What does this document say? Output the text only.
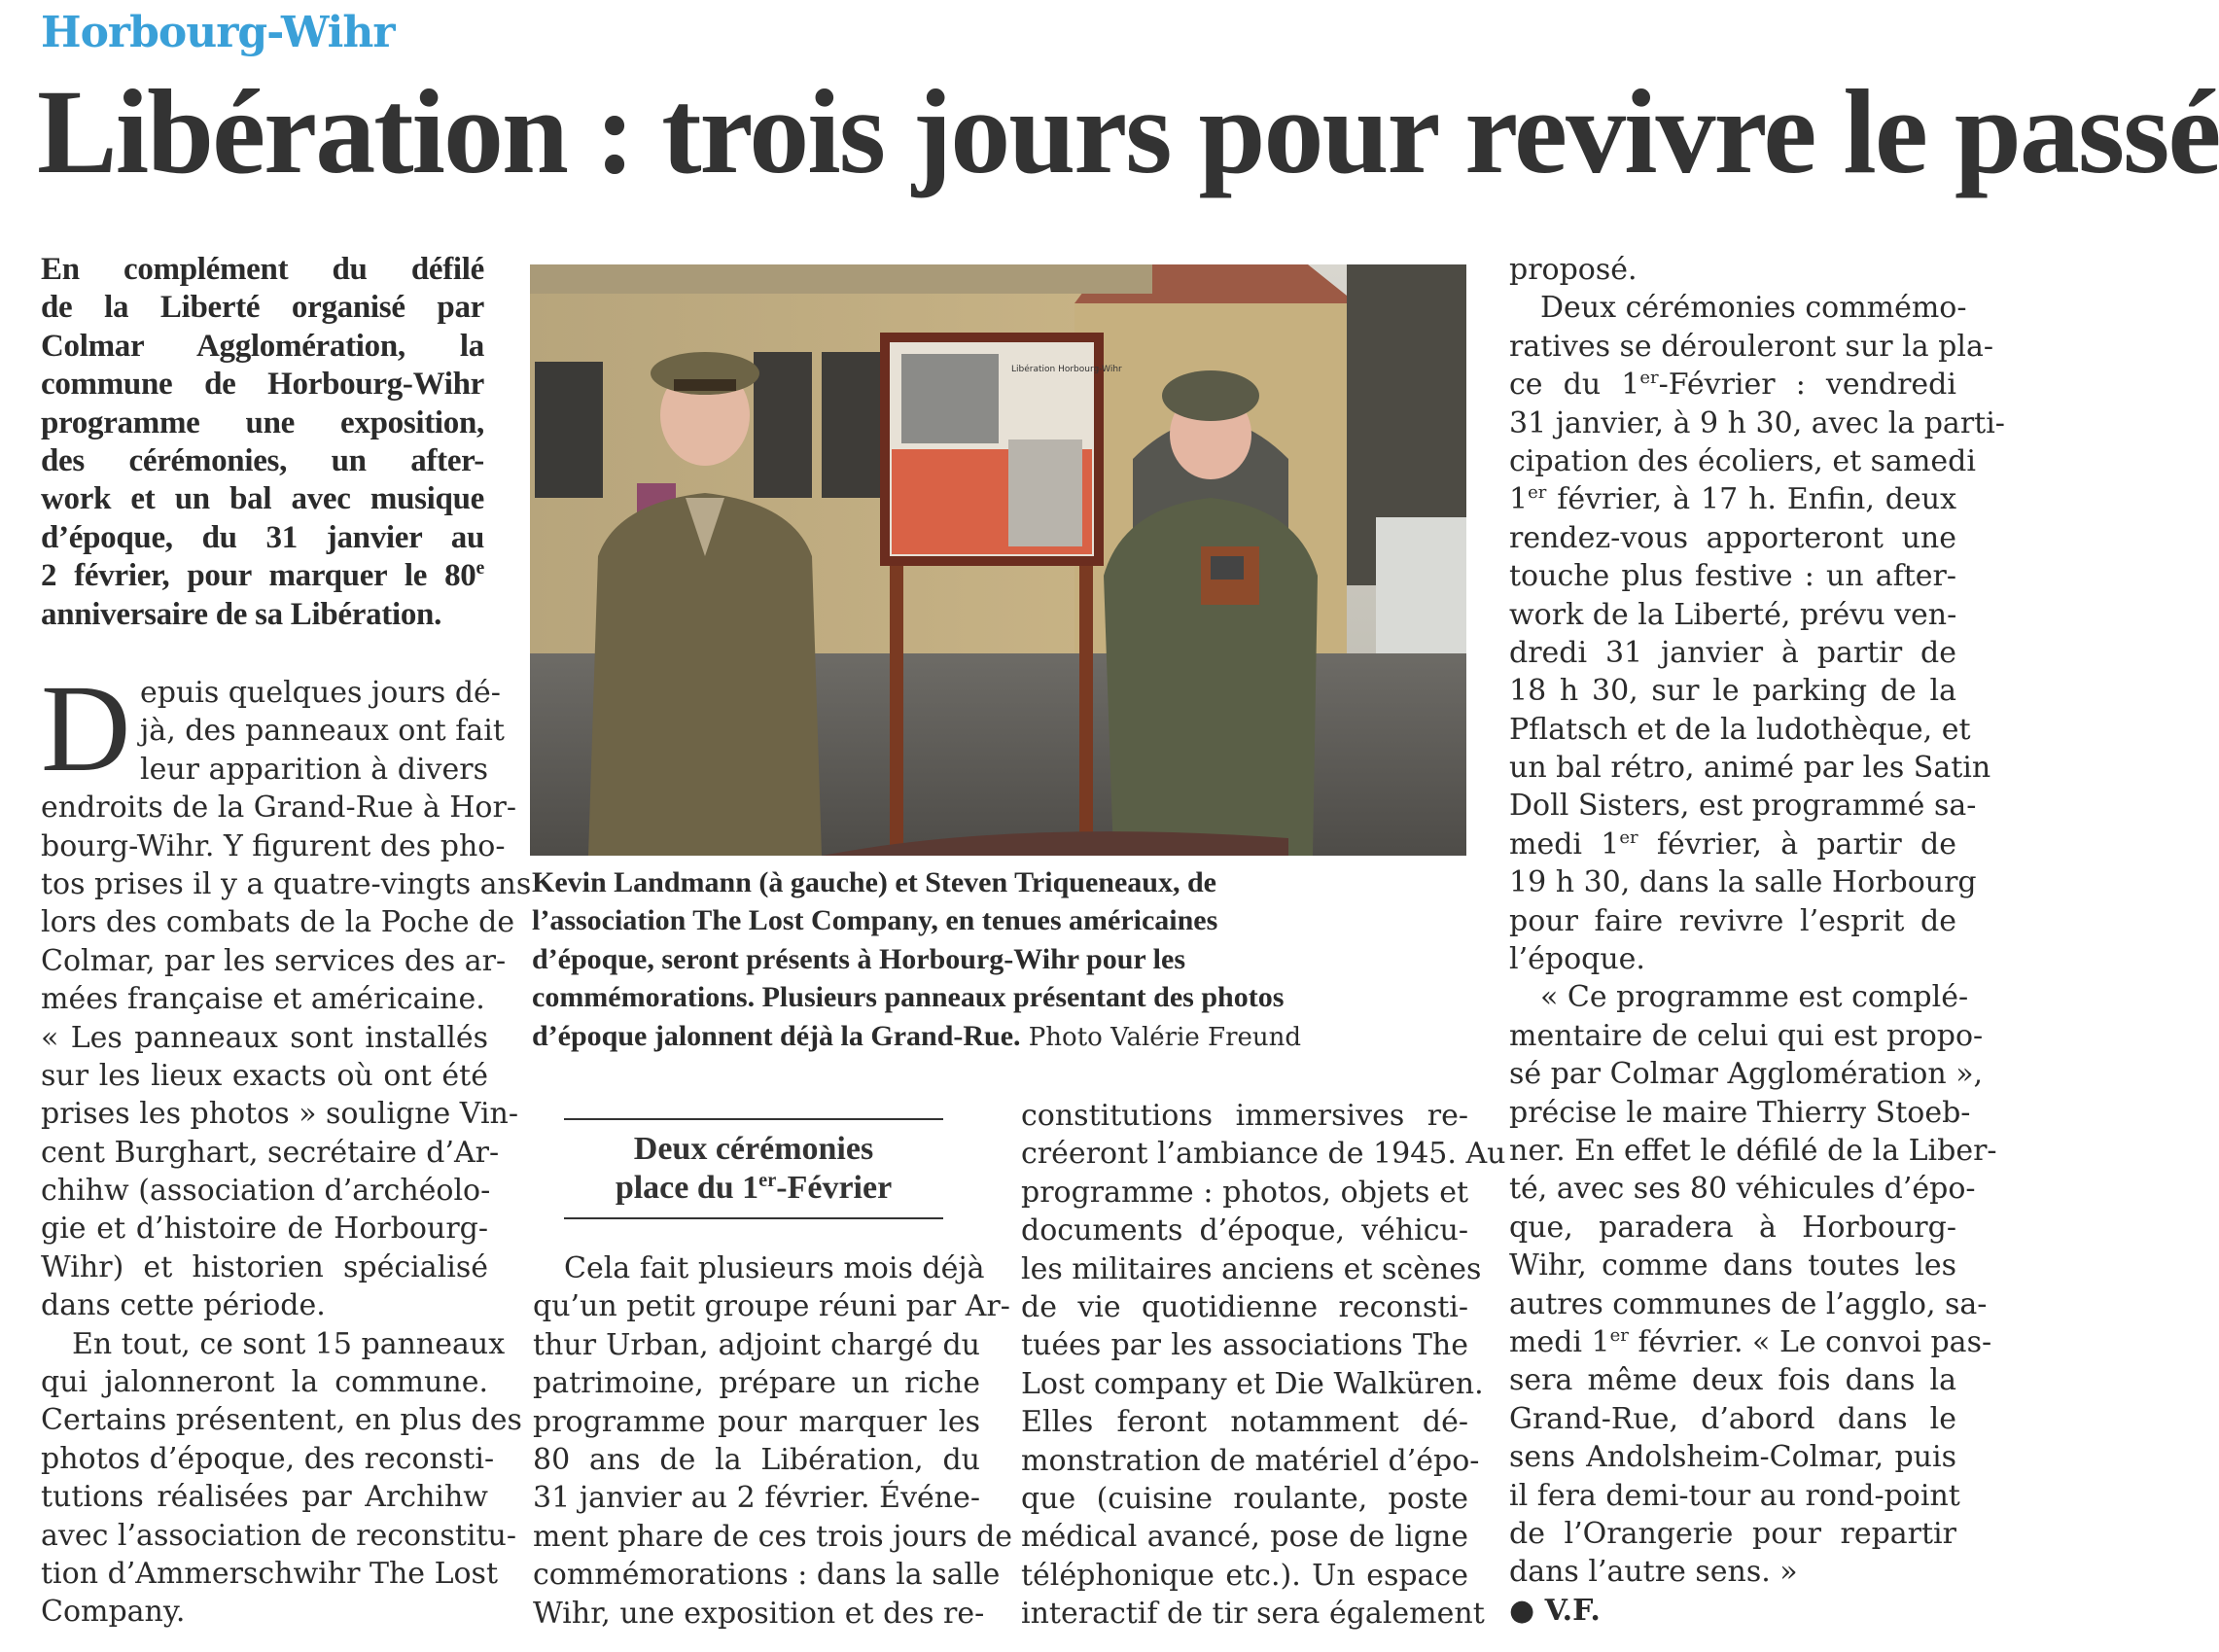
Horbourg-Wihr
Libération : trois jours pour revivre le passé
En complément du défilé
de la Liberté organisé par
Colmar Agglomération, la
commune de Horbourg-Wihr
programme une exposition,
des cérémonies, un after-
work et un bal avec musique
d’époque, du 31 janvier au
2 février, pour marquer le 80e
anniversaire de sa Libération.
D epuis quelques jours dé-
jà, des panneaux ont fait
leur apparition à divers
endroits de la Grand-Rue à Hor-
bourg-Wihr. Y figurent des pho-
tos prises il y a quatre-vingts ans
lors des combats de la Poche de
Colmar, par les services des ar-
mées française et américaine.
« Les panneaux sont installés
sur les lieux exacts où ont été
prises les photos » souligne Vin-
cent Burghart, secrétaire d’Ar-
chihw (association d’archéolo-
gie et d’histoire de Horbourg-
Wihr) et historien spécialisé
dans cette période.
En tout, ce sont 15 panneaux
qui jalonneront la commune.
Certains présentent, en plus des
photos d’époque, des reconsti-
tutions réalisées par Archihw
avec l’association de reconstitu-
tion d’Ammerschwihr The Lost
Company.
Libération Horbourg-Wihr
Kevin Landmann (à gauche) et Steven Triqueneaux, de
l’association The Lost Company, en tenues américaines
d’époque, seront présents à Horbourg-Wihr pour les
commémorations. Plusieurs panneaux présentant des photos
d’époque jalonnent déjà la Grand-Rue. Photo Valérie Freund
Deux cérémonies
place du 1er-Février
Cela fait plusieurs mois déjà
qu’un petit groupe réuni par Ar-
thur Urban, adjoint chargé du
patrimoine, prépare un riche
programme pour marquer les
80 ans de la Libération, du
31 janvier au 2 février. Événe-
ment phare de ces trois jours de
commémorations : dans la salle
Wihr, une exposition et des re-
constitutions immersives re-
créeront l’ambiance de 1945. Au
programme : photos, objets et
documents d’époque, véhicu-
les militaires anciens et scènes
de vie quotidienne reconsti-
tuées par les associations The
Lost company et Die Walküren.
Elles feront notamment dé-
monstration de matériel d’épo-
que (cuisine roulante, poste
médical avancé, pose de ligne
téléphonique etc.). Un espace
interactif de tir sera également
proposé.
Deux cérémonies commémo-
ratives se dérouleront sur la pla-
ce du 1er-Février : vendredi
31 janvier, à 9 h 30, avec la parti-
cipation des écoliers, et samedi
1er février, à 17 h. Enfin, deux
rendez-vous apporteront une
touche plus festive : un after-
work de la Liberté, prévu ven-
dredi 31 janvier à partir de
18 h 30, sur le parking de la
Pflatsch et de la ludothèque, et
un bal rétro, animé par les Satin
Doll Sisters, est programmé sa-
medi 1er février, à partir de
19 h 30, dans la salle Horbourg
pour faire revivre l’esprit de
l’époque.
« Ce programme est complé-
mentaire de celui qui est propo-
sé par Colmar Agglomération »,
précise le maire Thierry Stoeb-
ner. En effet le défilé de la Liber-
té, avec ses 80 véhicules d’épo-
que, paradera à Horbourg-
Wihr, comme dans toutes les
autres communes de l’agglo, sa-
medi 1er février. « Le convoi pas-
sera même deux fois dans la
Grand-Rue, d’abord dans le
sens Andolsheim-Colmar, puis
il fera demi-tour au rond-point
de l’Orangerie pour repartir
dans l’autre sens. »
● V.F.
